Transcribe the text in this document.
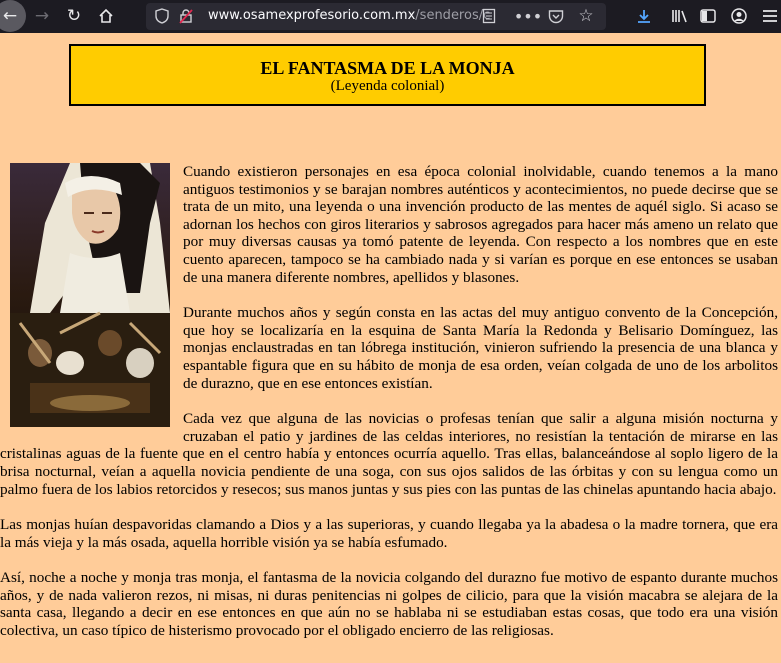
← → ↻	www.osamexprofesorio.com.mx/senderos/c	••• ☆
EL FANTASMA DE LA MONJA
(Leyenda colonial)

Cuando existieron personajes en esa época colonial inolvidable, cuando tenemos a la mano antiguos testimonios y se barajan nombres auténticos y acontecimientos, no puede decirse que se trata de un mito, una leyenda o una invención producto de las mentes de aquél siglo. Si acaso se adornan los hechos con giros literarios y sabrosos agregados para hacer más ameno un relato que por muy diversas causas ya tomó patente de leyenda. Con respecto a los nombres que en este cuento aparecen, tampoco se ha cambiado nada y si varían es porque en ese entonces se usaban de una manera diferente nombres, apellidos y blasones.

Durante muchos años y según consta en las actas del muy antiguo convento de la Concepción, que hoy se localizaría en la esquina de Santa María la Redonda y Belisario Domínguez, las monjas enclaustradas en tan lóbrega institución, vinieron sufriendo la presencia de una blanca y espantable figura que en su hábito de monja de esa orden, veían colgada de uno de los arbolitos de durazno, que en ese entonces existían.

Cada vez que alguna de las novicias o profesas tenían que salir a alguna misión nocturna y cruzaban el patio y jardines de las celdas interiores, no resistían la tentación de mirarse en las cristalinas aguas de la fuente que en el centro había y entonces ocurría aquello. Tras ellas, balanceándose al soplo ligero de la brisa nocturnal, veían a aquella novicia pendiente de una soga, con sus ojos salidos de las órbitas y con su lengua como un palmo fuera de los labios retorcidos y resecos; sus manos juntas y sus pies con las puntas de las chinelas apuntando hacia abajo.

Las monjas huían despavoridas clamando a Dios y a las superioras, y cuando llegaba ya la abadesa o la madre tornera, que era la más vieja y la más osada, aquella horrible visión ya se había esfumado.

Así, noche a noche y monja tras monja, el fantasma de la novicia colgando del durazno fue motivo de espanto durante muchos años, y de nada valieron rezos, ni misas, ni duras penitencias ni golpes de cilicio, para que la visión macabra se alejara de la santa casa, llegando a decir en ese entonces en que aún no se hablaba ni se estudiaban estas cosas, que todo era una visión colectiva, un caso típico de histerismo provocado por el obligado encierro de las religiosas.
